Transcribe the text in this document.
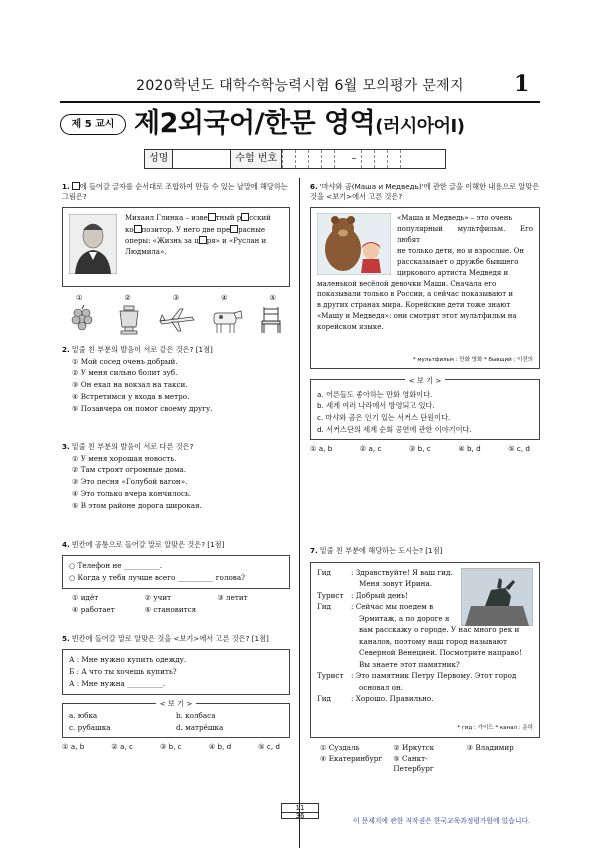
2020학년도 대학수학능력시험 6월 모의평가 문제지 1
제 5 교시 제2외국어/한문 영역(러시아어Ⅰ)
성명	수험 번호	–
1. 에 들어갈 글자를 순서대로 조합하여 만들 수 있는 낱말에 해당하는 그림은?
Михаил Глинка – изве тный р сский
ко позитор. У него две пре расные
оперы: «Жизнь за ц ря» и «Руслан и
Людмила».
①	②	③	④	⑤
2. 밑줄 친 부분의 발음이 서로 같은 것은? [1점]
① Мой сосед очень добрый.
② У меня сильно болит зуб.
③ Он ехал на вокзал на такси.
④ Встретимся у входа в метро.
⑤ Позавчера он помог своему другу.
3. 밑줄 친 부분의 발음이 서로 다른 것은?
① У меня хорошая новость.
② Там строят огромные дома.
③ Это песня «Голубой вагон».
④ Это только вчера кончилось.
⑤ В этом районе дорога широкая.
4. 빈칸에 공통으로 들어갈 말로 알맞은 것은? [1점]
○ Телефон не __________.
○ Когда у тебя лучше всего __________ голова?
① идёт	② учит	③ летит
④ работает	⑤ становится
5. 빈칸에 들어갈 말로 알맞은 것을 <보기>에서 고른 것은? [1점]
А : Мне нужно купить одежду.
Б : А что ты хочешь купить?
А : Мне нужна __________.
< 보 기 >
a. юбка	b. колбаса
c. рубашка	d. матрёшка
① a, b	② a, c	③ b, c	④ b, d	⑤ c, d
6. '마샤와 곰(Маша и Медведь)'에 관한 글을 이해한 내용으로 알맞은 것을 <보기>에서 고른 것은?
«Маша и Медведь» – это очень
популярный мультфильм. Его любят
не только дети, но и взрослые. Он
рассказывает о дружбе бывшего
циркового артиста Медведя и
маленькой весёлой девочки Маши. Сначала его
показывали только в России, а сейчас показывают и
в других странах мира. Корейские дети тоже знают
«Машу и Медведя»: они смотрят этот мультфильм на
корейском языке.
* мультфильм : 만화 영화 * бывший : 이전의
< 보 기 >
a. 어른들도 좋아하는 만화 영화이다.
b. 세계 여러 나라에서 방영되고 있다.
c. 마샤와 곰은 인기 있는 서커스 단원이다.
d. 서커스단의 세계 순회 공연에 관한 이야기이다.
① a, b	② a, c	③ b, c	④ b, d	⑤ c, d
7. 밑줄 친 부분에 해당하는 도시는? [1점]
Гид	: Здравствуйте! Я ваш гид.
Меня зовут Ирина.
Турист	: Добрый день!
Гид	: Сейчас мы поедем в
Эрмитаж, а по дороге я
вам расскажу о городе. У нас много рек и
каналов, поэтому наш город называют
Северной Венецией. Посмотрите направо!
Вы знаете этот памятник?
Турист	: Это памятник Петру Первому. Этот город
основал он.
Гид	: Хорошо. Правильно.
* гид : 가이드 * канал : 운하
① Суздаль	② Иркутск	③ Владимир
④ Екатеринбург	⑤ Санкт-Петербург
11
36
이 문제지에 관한 저작권은 한국교육과정평가원에 있습니다.
